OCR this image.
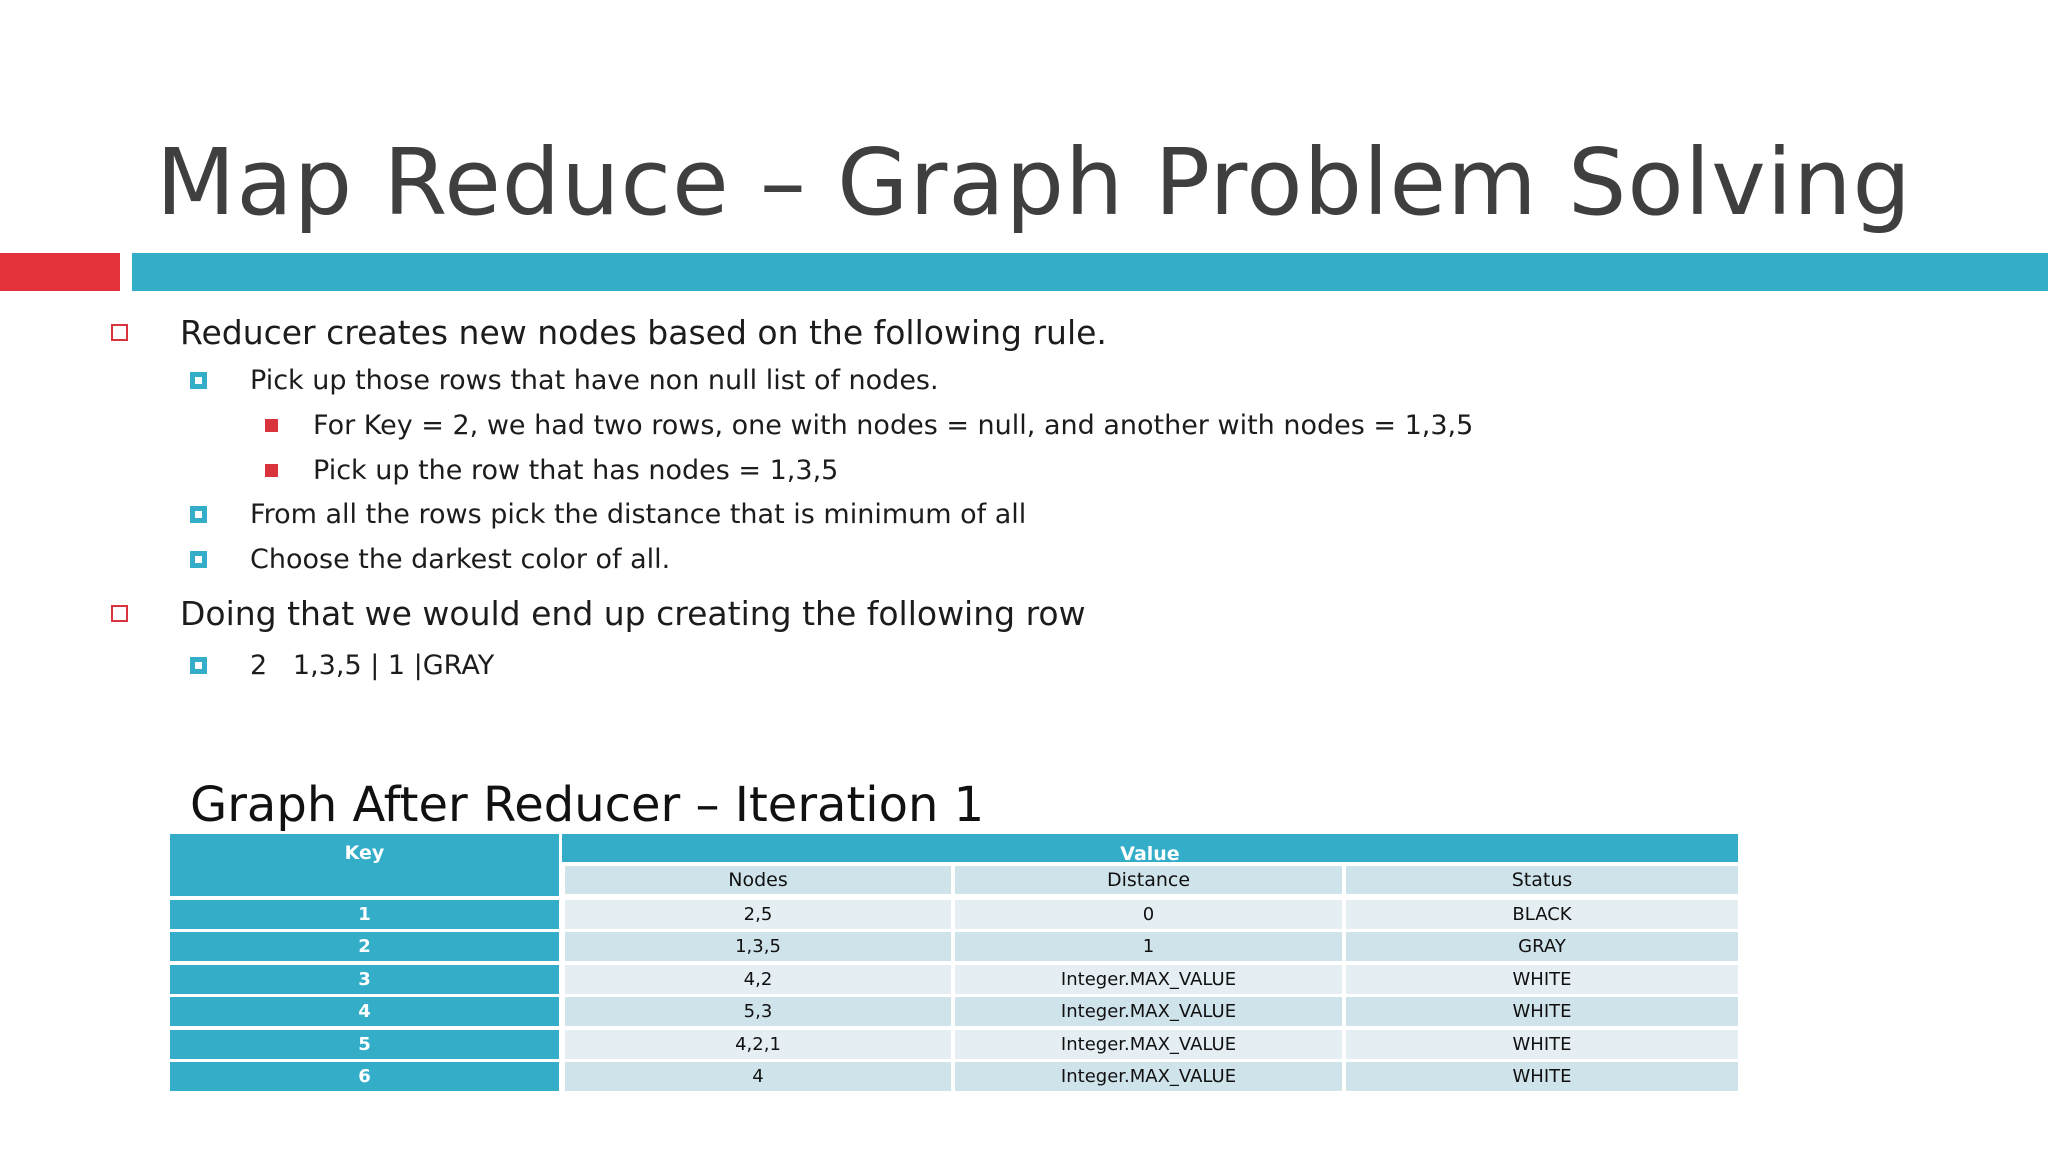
Map Reduce – Graph Problem Solving
Reducer creates new nodes based on the following rule.
Pick up those rows that have non null list of nodes.
For Key = 2, we had two rows, one with nodes = null, and another with nodes = 1,3,5
Pick up the row that has nodes = 1,3,5
From all the rows pick the distance that is minimum of all
Choose the darkest color of all.
Doing that we would end up creating the following row
2   1,3,5 | 1 |GRAY
Graph After Reducer – Iteration 1
Key	Value
Nodes	Distance	Status
1	2,5	0	BLACK
2	1,3,5	1	GRAY
3	4,2	Integer.MAX_VALUE	WHITE
4	5,3	Integer.MAX_VALUE	WHITE
5	4,2,1	Integer.MAX_VALUE	WHITE
6	4	Integer.MAX_VALUE	WHITE
